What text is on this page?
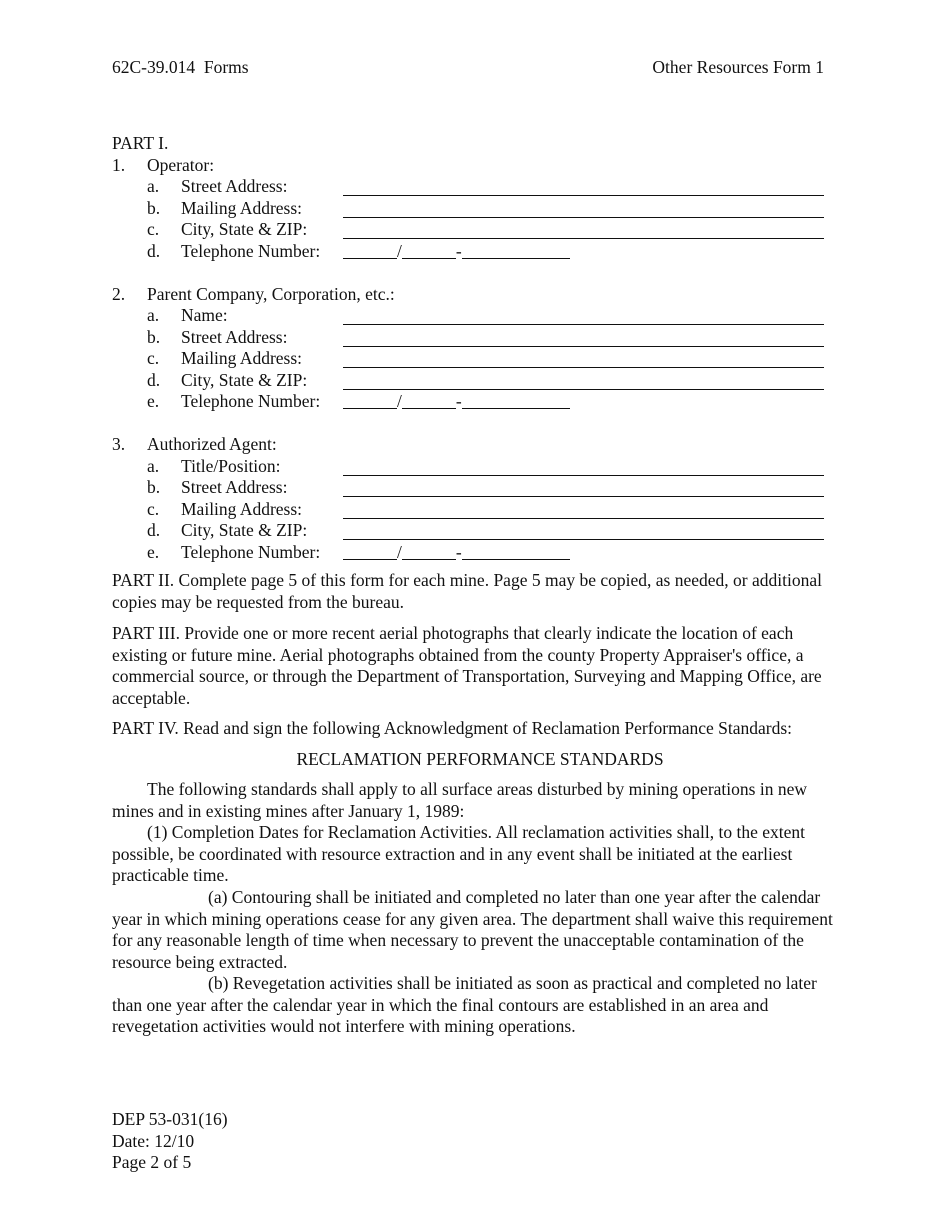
62C-39.014  Forms	Other Resources Form 1
PART I.
1. Operator:
a. Street Address:
b. Mailing Address:
c. City, State & ZIP:
d. Telephone Number:	/	-
2. Parent Company, Corporation, etc.:
a. Name:
b. Street Address:
c. Mailing Address:
d. City, State & ZIP:
e. Telephone Number:	/	-
3. Authorized Agent:
a. Title/Position:
b. Street Address:
c. Mailing Address:
d. City, State & ZIP:
e. Telephone Number:	/	-
PART II. Complete page 5 of this form for each mine. Page 5 may be copied, as needed, or additional copies may be requested from the bureau.
PART III. Provide one or more recent aerial photographs that clearly indicate the location of each existing or future mine. Aerial photographs obtained from the county Property Appraiser's office, a commercial source, or through the Department of Transportation, Surveying and Mapping Office, are acceptable.
PART IV. Read and sign the following Acknowledgment of Reclamation Performance Standards:
RECLAMATION PERFORMANCE STANDARDS
The following standards shall apply to all surface areas disturbed by mining operations in new mines and in existing mines after January 1, 1989:
(1) Completion Dates for Reclamation Activities. All reclamation activities shall, to the extent possible, be coordinated with resource extraction and in any event shall be initiated at the earliest practicable time.
(a) Contouring shall be initiated and completed no later than one year after the calendar year in which mining operations cease for any given area. The department shall waive this requirement for any reasonable length of time when necessary to prevent the unacceptable contamination of the resource being extracted.
(b) Revegetation activities shall be initiated as soon as practical and completed no later than one year after the calendar year in which the final contours are established in an area and revegetation activities would not interfere with mining operations.
DEP 53-031(16)
Date: 12/10
Page 2 of 5
